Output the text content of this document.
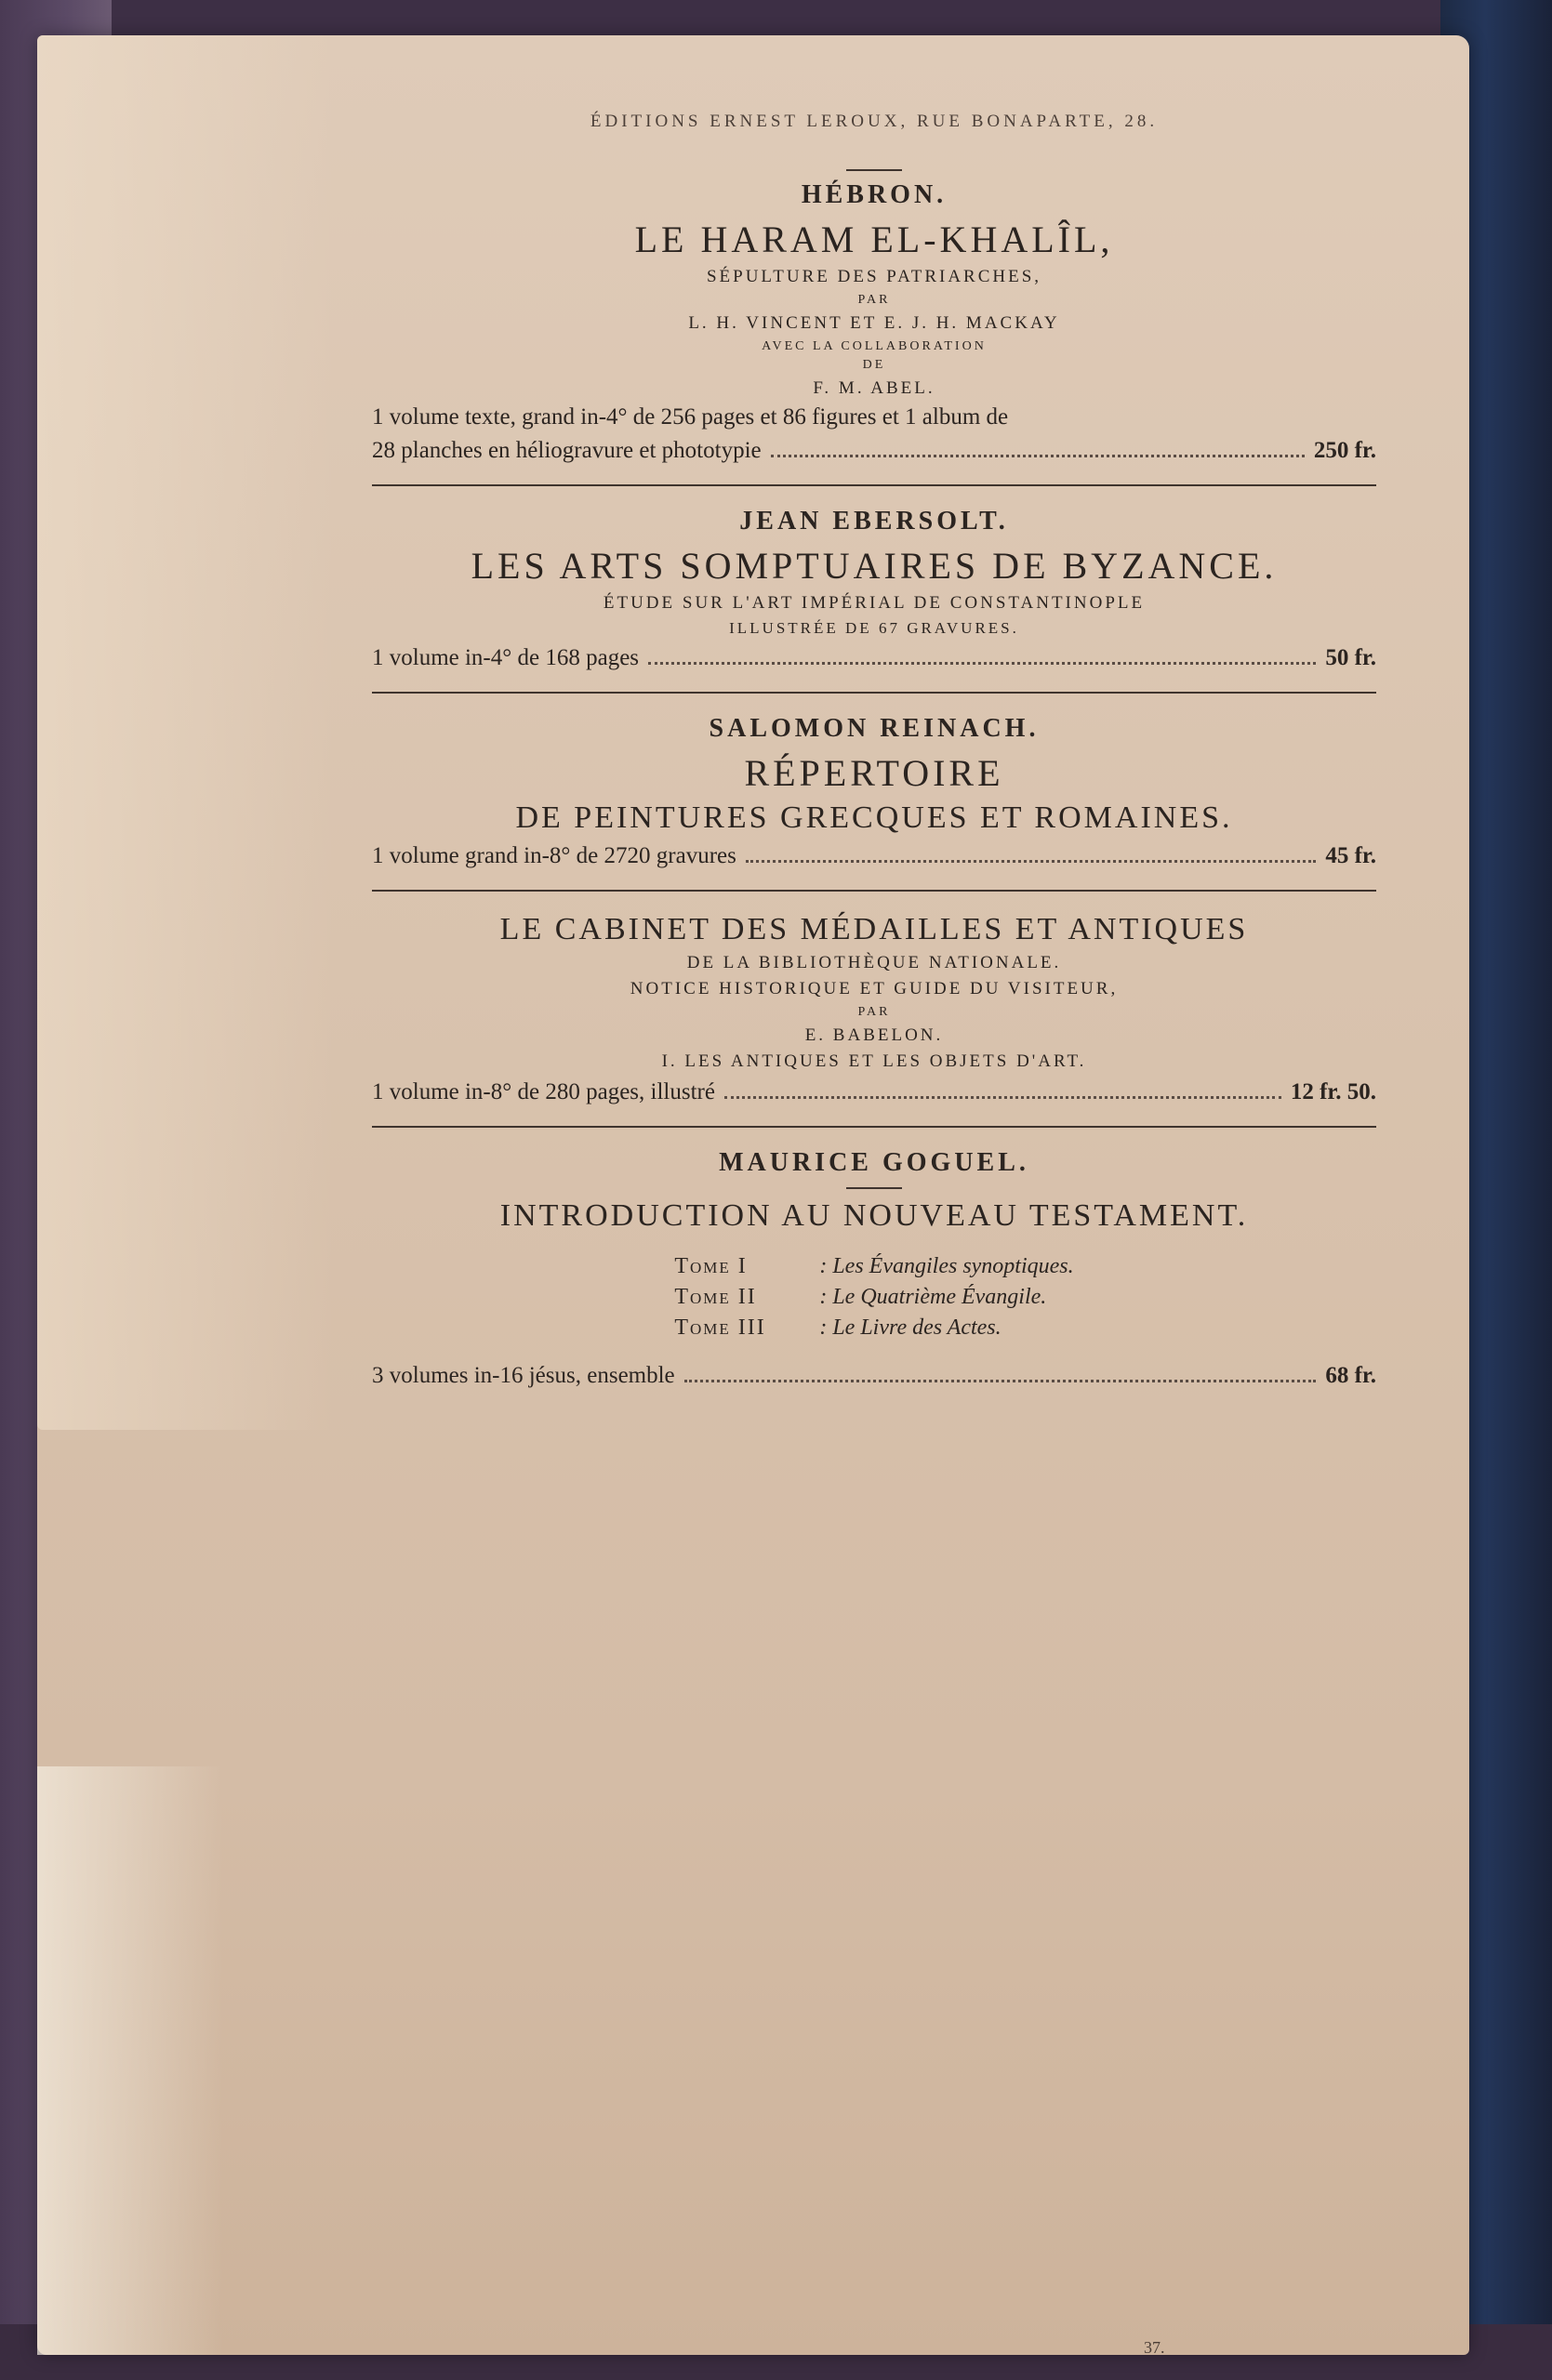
ÉDITIONS ERNEST LEROUX, RUE BONAPARTE, 28.
HÉBRON.
LE HARAM EL-KHALÎL,
SÉPULTURE DES PATRIARCHES,
PAR
L. H. VINCENT ET E. J. H. MACKAY
AVEC LA COLLABORATION
DE
F. M. ABEL.
1 volume texte, grand in-4° de 256 pages et 86 figures et 1 album de
28 planches en héliogravure et phototypie	250 fr.
JEAN EBERSOLT.
LES ARTS SOMPTUAIRES DE BYZANCE.
ÉTUDE SUR L'ART IMPÉRIAL DE CONSTANTINOPLE
ILLUSTRÉE DE 67 GRAVURES.
1 volume in-4° de 168 pages	50 fr.
SALOMON REINACH.
RÉPERTOIRE
DE PEINTURES GRECQUES ET ROMAINES.
1 volume grand in-8° de 2720 gravures	45 fr.
LE CABINET DES MÉDAILLES ET ANTIQUES
DE LA BIBLIOTHÈQUE NATIONALE.
NOTICE HISTORIQUE ET GUIDE DU VISITEUR,
PAR
E. BABELON.
I. LES ANTIQUES ET LES OBJETS D'ART.
1 volume in-8° de 280 pages, illustré	12 fr. 50.
MAURICE GOGUEL.
INTRODUCTION AU NOUVEAU TESTAMENT.
Tome I	: Les Évangiles synoptiques.
Tome II	: Le Quatrième Évangile.
Tome III : Le Livre des Actes.
3 volumes in-16 jésus, ensemble	68 fr.
37.
